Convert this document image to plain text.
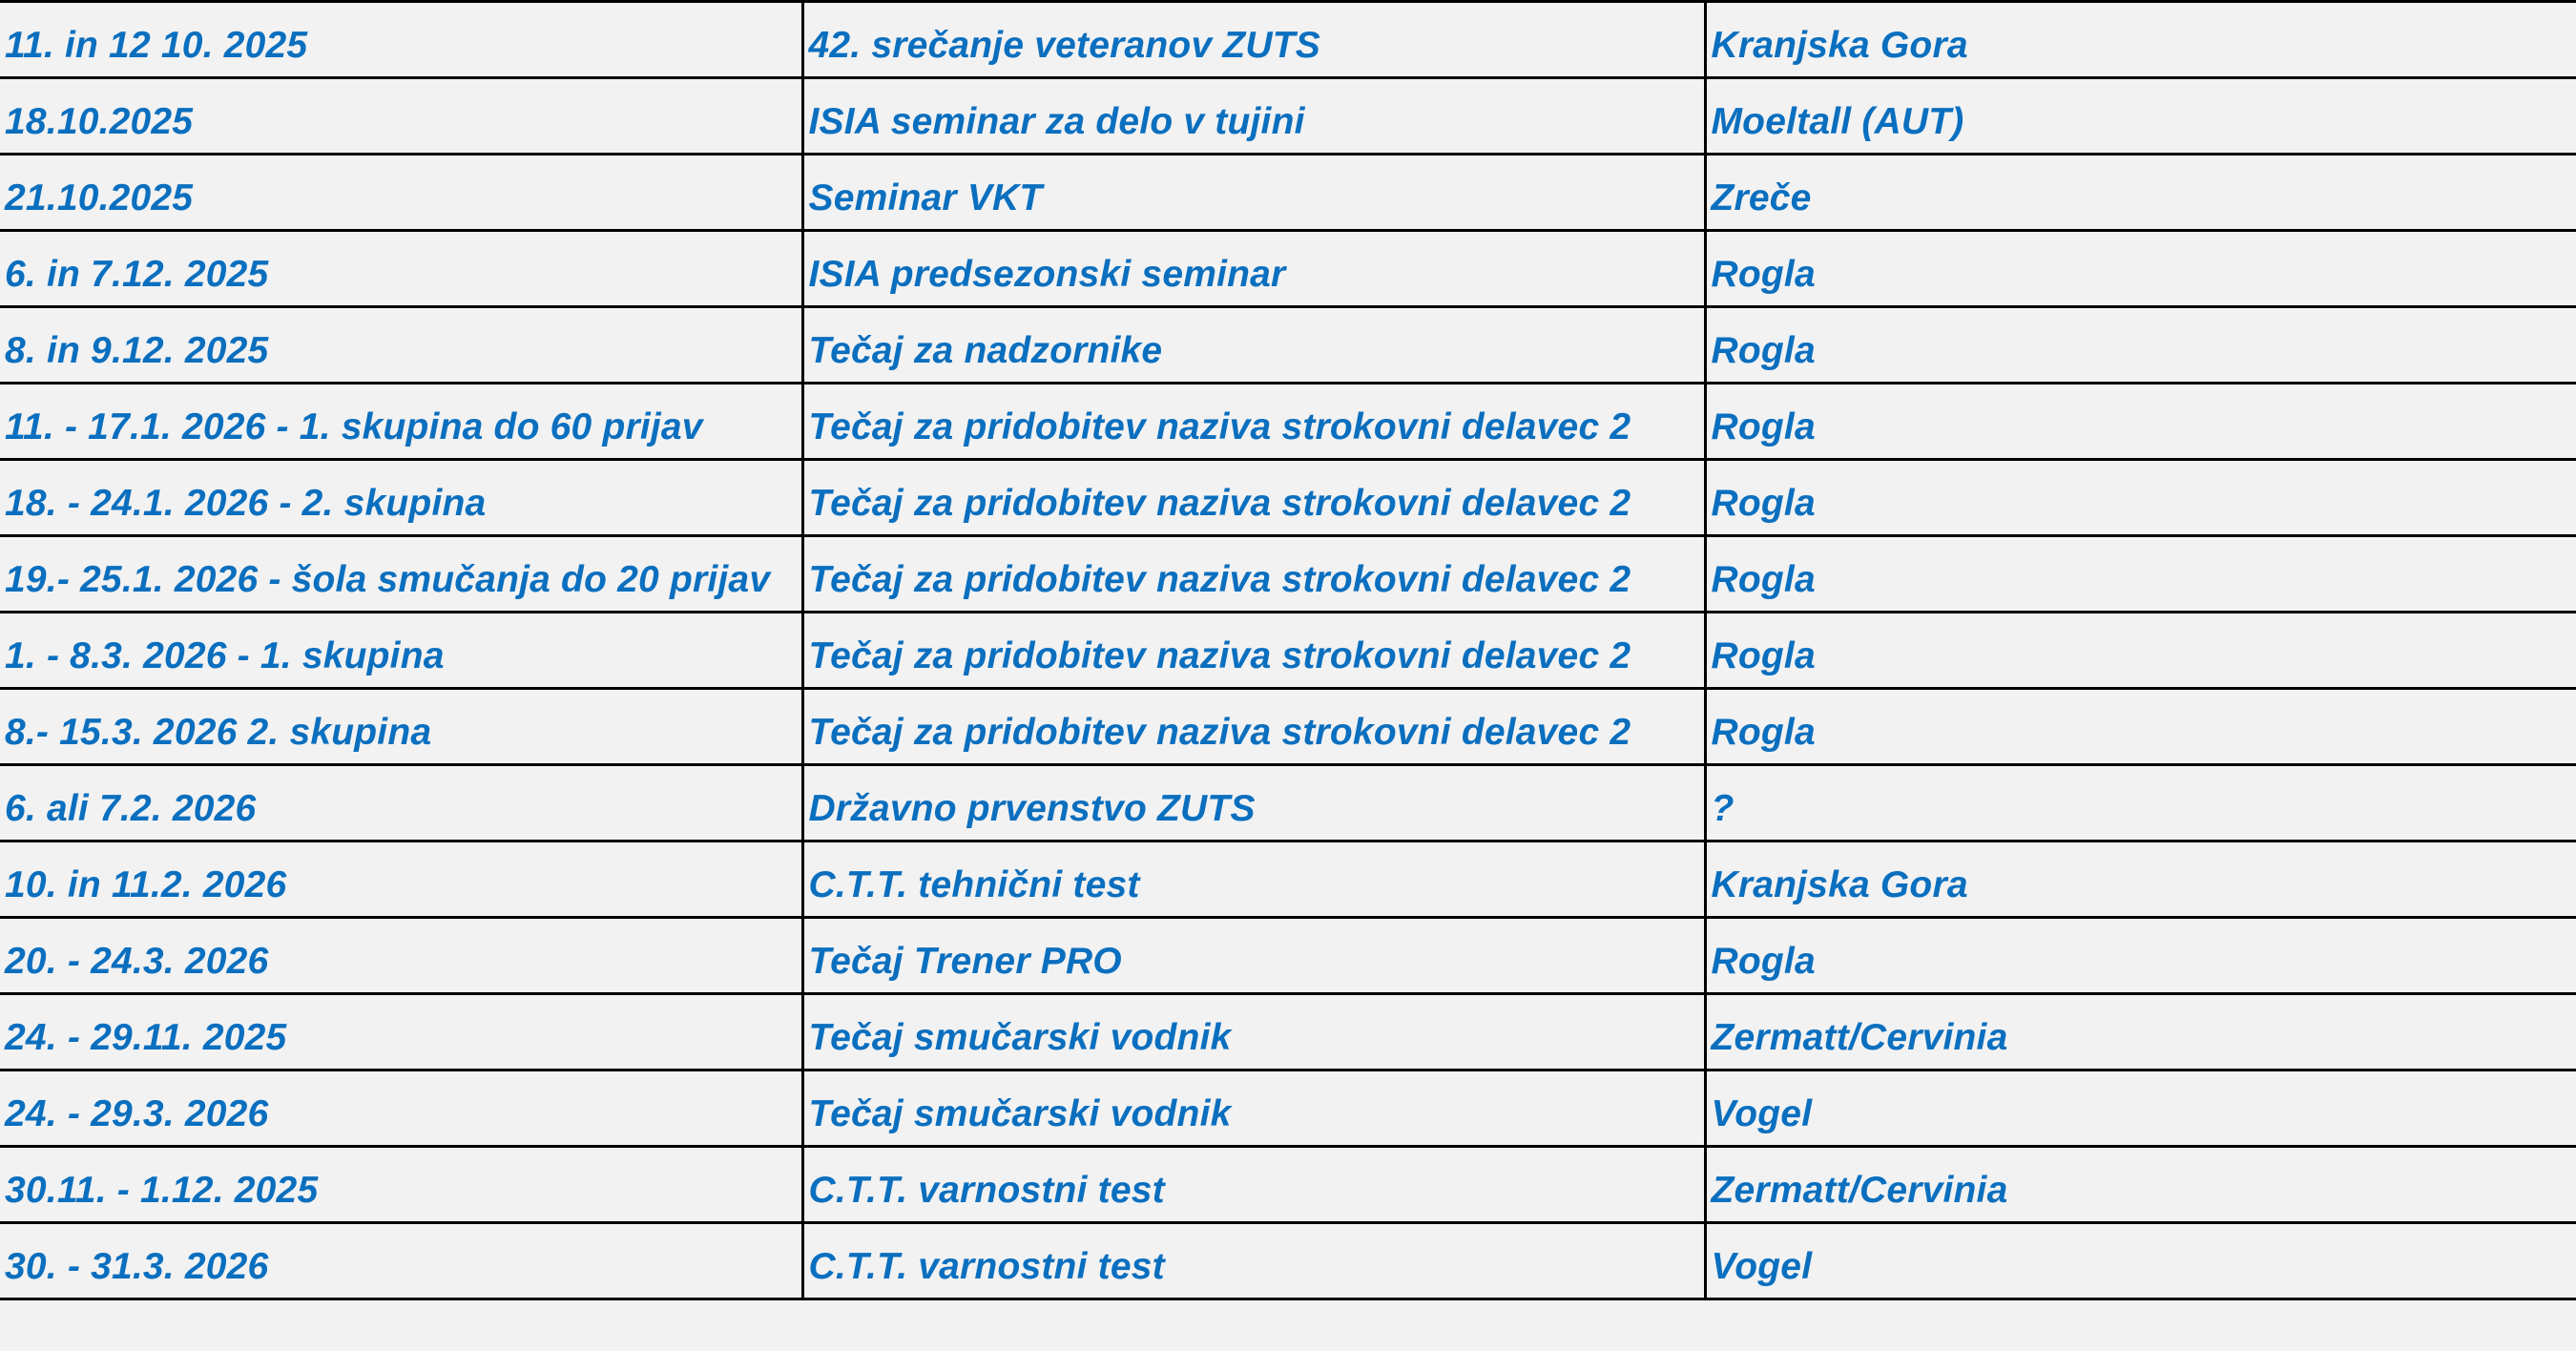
11. in 12 10. 2025	42. srečanje veteranov ZUTS	Kranjska Gora
18.10.2025	ISIA seminar za delo v tujini	Moeltall (AUT)
21.10.2025	Seminar VKT	Zreče
6. in 7.12. 2025	ISIA predsezonski seminar	Rogla
8. in 9.12. 2025	Tečaj za nadzornike	Rogla
11. - 17.1. 2026 - 1. skupina do 60 prijav	Tečaj za pridobitev naziva strokovni delavec 2	Rogla
18. - 24.1. 2026 - 2. skupina	Tečaj za pridobitev naziva strokovni delavec 2	Rogla
19.- 25.1. 2026 - šola smučanja do 20 prijav	Tečaj za pridobitev naziva strokovni delavec 2	Rogla
1. - 8.3. 2026 - 1. skupina	Tečaj za pridobitev naziva strokovni delavec 2	Rogla
8.- 15.3. 2026 2. skupina	Tečaj za pridobitev naziva strokovni delavec 2	Rogla
6. ali 7.2. 2026	Državno prvenstvo ZUTS	?
10. in 11.2. 2026	C.T.T. tehnični test	Kranjska Gora
20. - 24.3. 2026	Tečaj Trener PRO	Rogla
24. - 29.11. 2025	Tečaj smučarski vodnik	Zermatt/Cervinia
24. - 29.3. 2026	Tečaj smučarski vodnik	Vogel
30.11. - 1.12. 2025	C.T.T. varnostni test	Zermatt/Cervinia
30. - 31.3. 2026	C.T.T. varnostni test	Vogel
